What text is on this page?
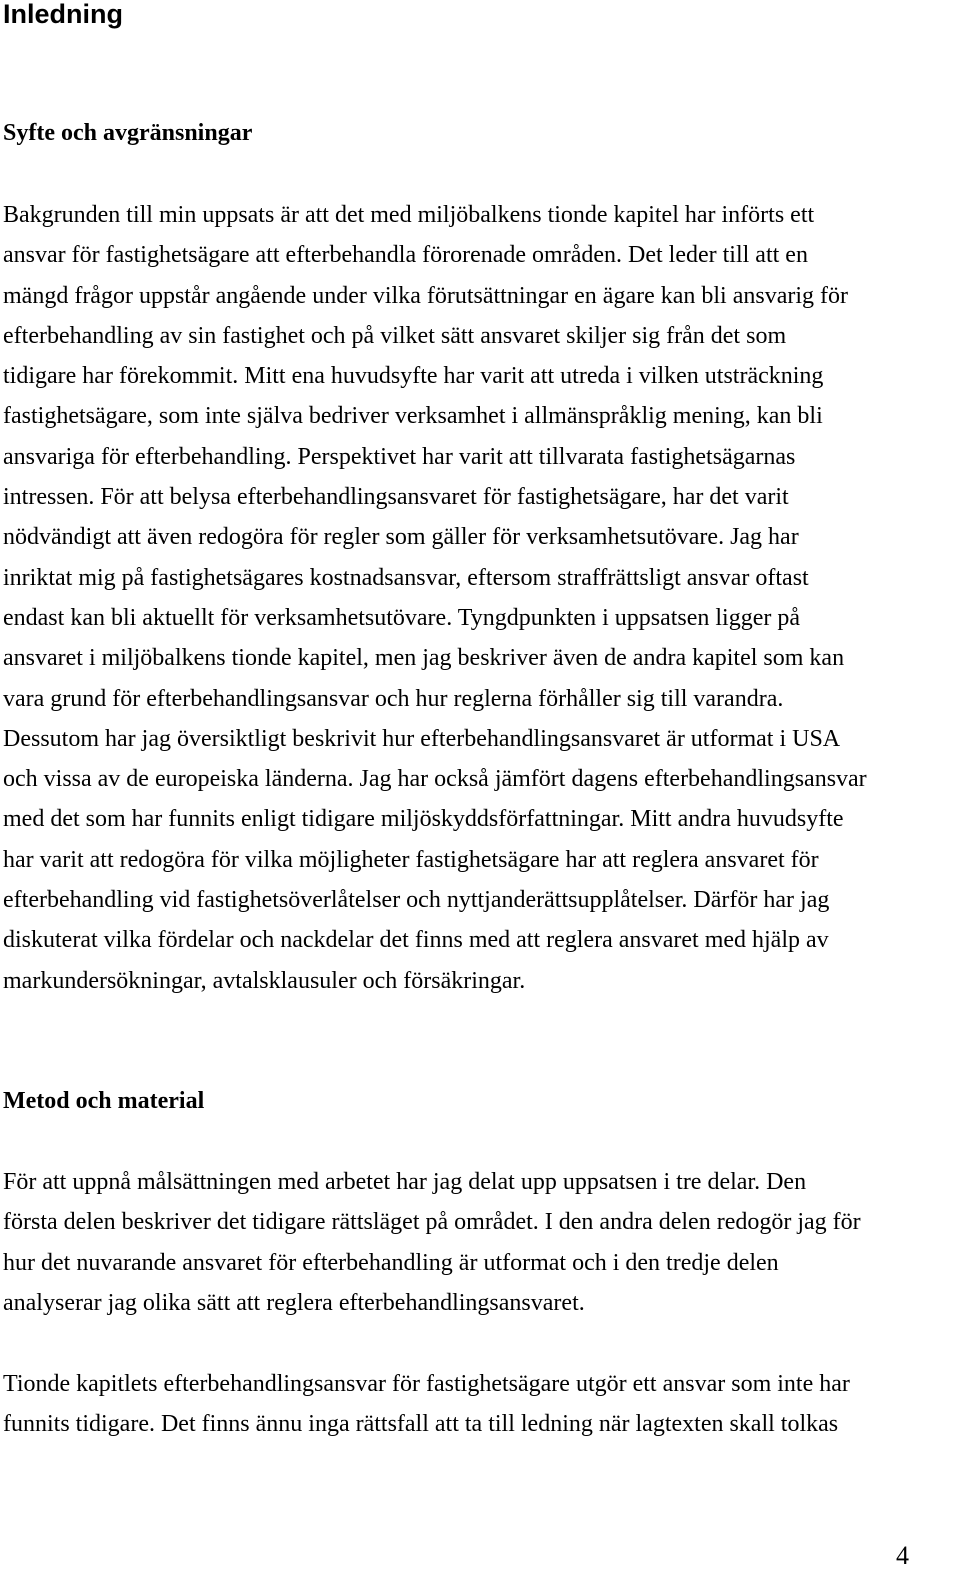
Inledning
Syfte och avgränsningar
Bakgrunden till min uppsats är att det med miljöbalkens tionde kapitel har införts ett
ansvar för fastighetsägare att efterbehandla förorenade områden. Det leder till att en
mängd frågor uppstår angående under vilka förutsättningar en ägare kan bli ansvarig för
efterbehandling av sin fastighet och på vilket sätt ansvaret skiljer sig från det som
tidigare har förekommit. Mitt ena huvudsyfte har varit att utreda i vilken utsträckning
fastighetsägare, som inte själva bedriver verksamhet i allmänspråklig mening, kan bli
ansvariga för efterbehandling. Perspektivet har varit att tillvarata fastighetsägarnas
intressen. För att belysa efterbehandlingsansvaret för fastighetsägare, har det varit
nödvändigt att även redogöra för regler som gäller för verksamhetsutövare. Jag har
inriktat mig på fastighetsägares kostnadsansvar, eftersom straffrättsligt ansvar oftast
endast kan bli aktuellt för verksamhetsutövare. Tyngdpunkten i uppsatsen ligger på
ansvaret i miljöbalkens tionde kapitel, men jag beskriver även de andra kapitel som kan
vara grund för efterbehandlingsansvar och hur reglerna förhåller sig till varandra.
Dessutom har jag översiktligt beskrivit hur efterbehandlingsansvaret är utformat i USA
och vissa av de europeiska länderna. Jag har också jämfört dagens efterbehandlingsansvar
med det som har funnits enligt tidigare miljöskyddsförfattningar. Mitt andra huvudsyfte
har varit att redogöra för vilka möjligheter fastighetsägare har att reglera ansvaret för
efterbehandling vid fastighetsöverlåtelser och nyttjanderättsupplåtelser. Därför har jag
diskuterat vilka fördelar och nackdelar det finns med att reglera ansvaret med hjälp av
markundersökningar, avtalsklausuler och försäkringar.
Metod och material
För att uppnå målsättningen med arbetet har jag delat upp uppsatsen i tre delar. Den
första delen beskriver det tidigare rättsläget på området. I den andra delen redogör jag för
hur det nuvarande ansvaret för efterbehandling är utformat och i den tredje delen
analyserar jag olika sätt att reglera efterbehandlingsansvaret.
Tionde kapitlets efterbehandlingsansvar för fastighetsägare utgör ett ansvar som inte har
funnits tidigare. Det finns ännu inga rättsfall att ta till ledning när lagtexten skall tolkas
4
